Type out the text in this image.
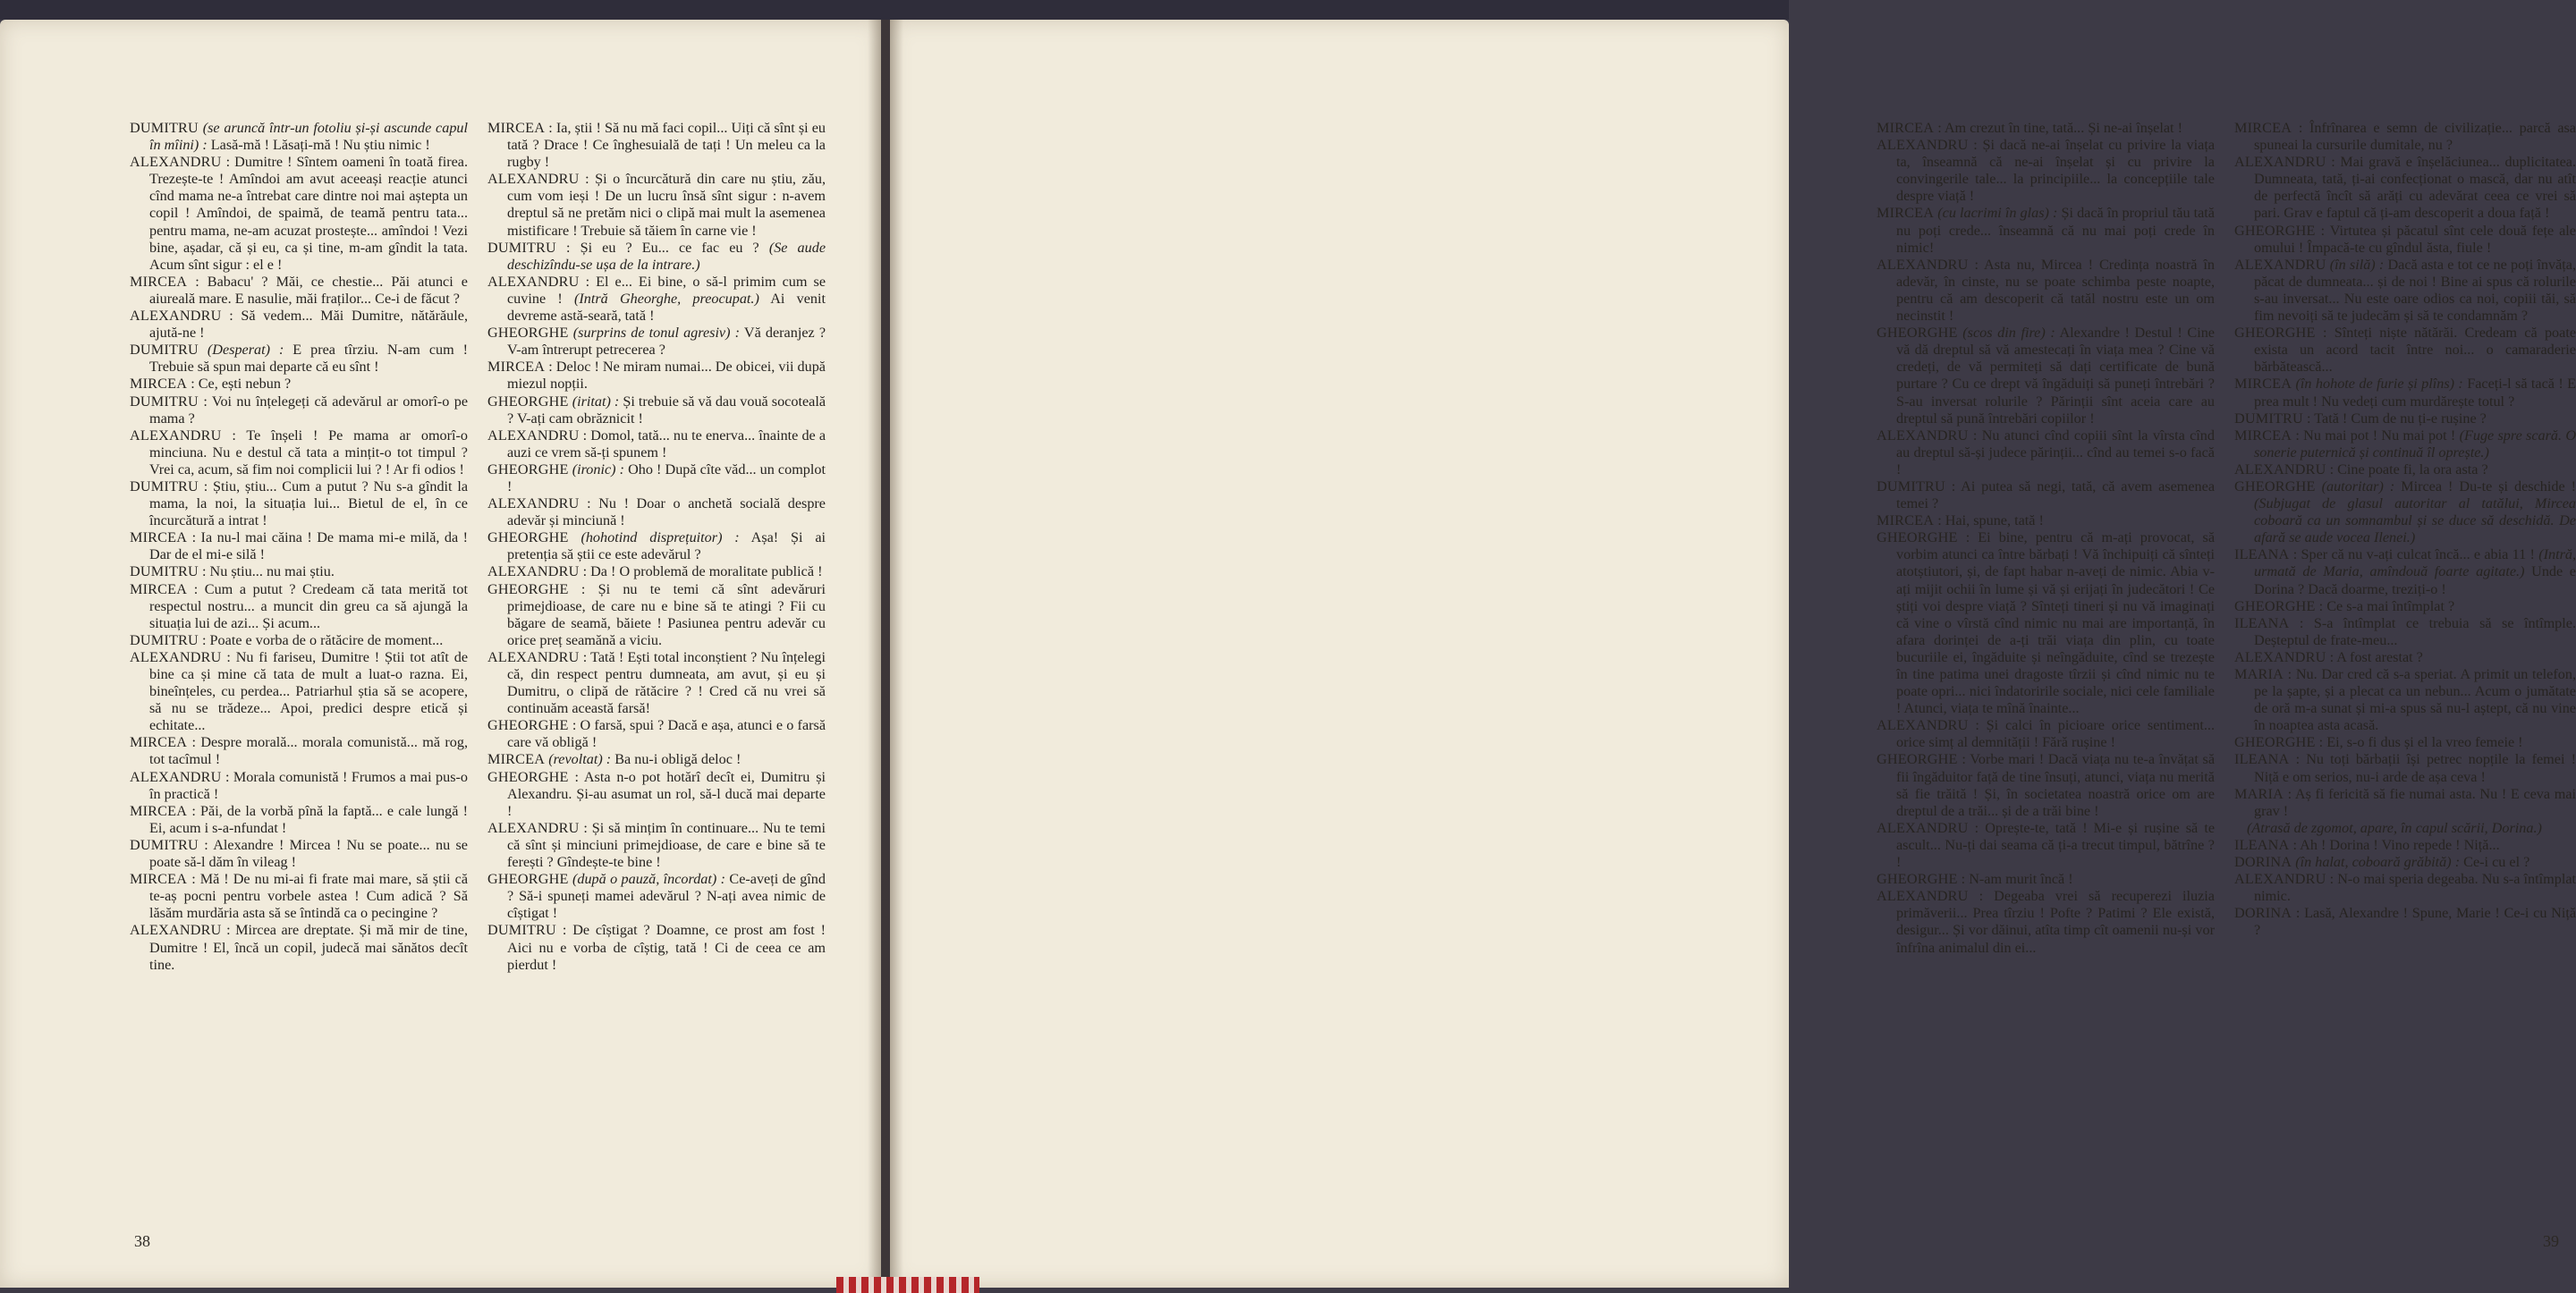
DUMITRU (se aruncă într-un fotoliu și-și ascunde capul în mîini) : Lasă-mă ! Lăsați-mă ! Nu știu nimic !

ALEXANDRU : Dumitre ! Sîntem oameni în toată firea. Trezește-te ! Amîndoi am avut aceeași reacție atunci cînd mama ne-a întrebat care dintre noi mai aștepta un copil ! Amîndoi, de spaimă, de teamă pentru tata... pentru mama, ne-am acuzat prostește... amîndoi ! Vezi bine, așadar, că și eu, ca și tine, m-am gîndit la tata. Acum sînt sigur : el e !

MIRCEA : Babacu' ? Măi, ce chestie... Păi atunci e aiureală mare. E nasulie, măi fraților... Ce-i de făcut ?

ALEXANDRU : Să vedem... Măi Dumitre, nătărăule, ajută-ne !

DUMITRU (Desperat) : E prea tîrziu. N-am cum ! Trebuie să spun mai departe că eu sînt !

MIRCEA : Ce, ești nebun ?

DUMITRU : Voi nu înțelegeți că adevărul ar omorî-o pe mama ?

ALEXANDRU : Te înșeli ! Pe mama ar omorî-o minciuna. Nu e destul că tata a mințit-o tot timpul ? Vrei ca, acum, să fim noi complicii lui ? ! Ar fi odios !

DUMITRU : Știu, știu... Cum a putut ? Nu s-a gîndit la mama, la noi, la situația lui... Bietul de el, în ce încurcătură a intrat !

MIRCEA : Ia nu-l mai căina ! De mama mi-e milă, da ! Dar de el mi-e silă !

DUMITRU : Nu știu... nu mai știu.

MIRCEA : Cum a putut ? Credeam că tata merită tot respectul nostru... a muncit din greu ca să ajungă la situația lui de azi... Și acum...

DUMITRU : Poate e vorba de o rătăcire de moment...

ALEXANDRU : Nu fi fariseu, Dumitre ! Știi tot atît de bine ca și mine că tata de mult a luat-o razna. Ei, bineînțeles, cu perdea... Patriarhul știa să se acopere, să nu se trădeze... Apoi, predici despre etică și echitate...

MIRCEA : Despre morală... morala comunistă... mă rog, tot tacîmul !

ALEXANDRU : Morala comunistă ! Frumos a mai pus-o în practică !

MIRCEA : Păi, de la vorbă pînă la faptă... e cale lungă ! Ei, acum i s-a-nfundat !

DUMITRU : Alexandre ! Mircea ! Nu se poate... nu se poate să-l dăm în vileag !

MIRCEA : Mă ! De nu mi-ai fi frate mai mare, să știi că te-aș pocni pentru vorbele astea ! Cum adică ? Să lăsăm murdăria asta să se întindă ca o pecingine ?

ALEXANDRU : Mircea are dreptate. Și mă mir de tine, Dumitre ! El, încă un copil, judecă mai sănătos decît tine.

MIRCEA : Ia, știi ! Să nu mă faci copil... Uiți că sînt și eu tată ? Drace ! Ce înghesuială de tați ! Un meleu ca la rugby !

ALEXANDRU : Și o încurcătură din care nu știu, zău, cum vom ieși ! De un lucru însă sînt sigur : n-avem dreptul să ne pretăm nici o clipă mai mult la asemenea mistificare ! Trebuie să tăiem în carne vie !

DUMITRU : Și eu ? Eu... ce fac eu ? (Se aude deschizîndu-se ușa de la intrare.)

ALEXANDRU : El e... Ei bine, o să-l primim cum se cuvine ! (Intră Gheorghe, preocupat.) Ai venit devreme astă-seară, tată !

GHEORGHE (surprins de tonul agresiv) : Vă deranjez ? V-am întrerupt petrecerea ?

MIRCEA : Deloc ! Ne miram numai... De obicei, vii după miezul nopții.

GHEORGHE (iritat) : Și trebuie să vă dau vouă socoteală ? V-ați cam obrăznicit !

ALEXANDRU : Domol, tată... nu te enerva... înainte de a auzi ce vrem să-ți spunem !

GHEORGHE (ironic) : Oho ! După cîte văd... un complot !

ALEXANDRU : Nu ! Doar o anchetă socială despre adevăr și minciună !

GHEORGHE (hohotind disprețuitor) : Așa! Și ai pretenția să știi ce este adevărul ?

ALEXANDRU : Da ! O problemă de moralitate publică !

GHEORGHE : Și nu te temi că sînt adevăruri primejdioase, de care nu e bine să te atingi ? Fii cu băgare de seamă, băiete ! Pasiunea pentru adevăr cu orice preț seamănă a viciu.

ALEXANDRU : Tată ! Ești total inconștient ? Nu înțelegi că, din respect pentru dumneata, am avut, și eu și Dumitru, o clipă de rătăcire ? ! Cred că nu vrei să continuăm această farsă!

GHEORGHE : O farsă, spui ? Dacă e așa, atunci e o farsă care vă obligă !

MIRCEA (revoltat) : Ba nu-i obligă deloc !

GHEORGHE : Asta n-o pot hotărî decît ei, Dumitru și Alexandru. Și-au asumat un rol, să-l ducă mai departe !

ALEXANDRU : Și să mințim în continuare... Nu te temi că sînt și minciuni primejdioase, de care e bine să te ferești ? Gîndește-te bine !

GHEORGHE (după o pauză, încordat) : Ce-aveți de gînd ? Să-i spuneți mamei adevărul ? N-ați avea nimic de cîștigat !

DUMITRU : De cîștigat ? Doamne, ce prost am fost ! Aici nu e vorba de cîștig, tată ! Ci de ceea ce am pierdut !

38

MIRCEA : Am crezut în tine, tată... Și ne-ai înșelat !

ALEXANDRU : Și dacă ne-ai înșelat cu privire la viața ta, înseamnă că ne-ai înșelat și cu privire la convingerile tale... la principiile... la concepțiile tale despre viață !

MIRCEA (cu lacrimi în glas) : Și dacă în propriul tău tată nu poți crede... înseamnă că nu mai poți crede în nimic!

ALEXANDRU : Asta nu, Mircea ! Credința noastră în adevăr, în cinste, nu se poate schimba peste noapte, pentru că am descoperit că tatăl nostru este un om necinstit !

GHEORGHE (scos din fire) : Alexandre ! Destul ! Cine vă dă dreptul să vă amestecați în viața mea ? Cine vă credeți, de vă permiteți să dați certificate de bună purtare ? Cu ce drept vă îngăduiți să puneți întrebări ? S-au inversat rolurile ? Părinții sînt aceia care au dreptul să pună întrebări copiilor !

ALEXANDRU : Nu atunci cînd copiii sînt la vîrsta cînd au dreptul să-și judece părinții... cînd au temei s-o facă !

DUMITRU : Ai putea să negi, tată, că avem asemenea temei ?

MIRCEA : Hai, spune, tată !

GHEORGHE : Ei bine, pentru că m-ați provocat, să vorbim atunci ca între bărbați ! Vă închipuiți că sînteți atotștiutori, și, de fapt habar n-aveți de nimic. Abia v-ați mijit ochii în lume și vă și erijați în judecători ! Ce știți voi despre viață ? Sînteți tineri și nu vă imaginați că vine o vîrstă cînd nimic nu mai are importanță, în afara dorinței de a-ți trăi viața din plin, cu toate bucuriile ei, îngăduite și neîngăduite, cînd se trezește în tine patima unei dragoste tîrzii și cînd nimic nu te poate opri... nici îndatoririle sociale, nici cele familiale ! Atunci, viața te mînă înainte...

ALEXANDRU : Și calci în picioare orice sentiment... orice simț al demnității ! Fără rușine !

GHEORGHE : Vorbe mari ! Dacă viața nu te-a învățat să fii îngăduitor față de tine însuți, atunci, viața nu merită să fie trăită ! Și, în societatea noastră orice om are dreptul de a trăi... și de a trăi bine !

ALEXANDRU : Oprește-te, tată ! Mi-e și rușine să te ascult... Nu-ți dai seama că ți-a trecut timpul, bătrîne ? !

GHEORGHE : N-am murit încă !

ALEXANDRU : Degeaba vrei să recuperezi iluzia primăverii... Prea tîrziu ! Pofte ? Patimi ? Ele există, desigur... Și vor dăinui, atîta timp cît oamenii nu-și vor înfrîna animalul din ei...

MIRCEA : Înfrînarea e semn de civilizație... parcă asa spuneai la cursurile dumitale, nu ?

ALEXANDRU : Mai gravă e înșelăciunea... duplicitatea. Dumneata, tată, ți-ai confecționat o mască, dar nu atît de perfectă încît să arăți cu adevărat ceea ce vrei să pari. Grav e faptul că ți-am descoperit a doua față !

GHEORGHE : Virtutea și păcatul sînt cele două fețe ale omului ! Împacă-te cu gîndul ăsta, fiule !

ALEXANDRU (în silă) : Dacă asta e tot ce ne poți învăța, păcat de dumneata... și de noi ! Bine ai spus că rolurile s-au inversat... Nu este oare odios ca noi, copiii tăi, să fim nevoiți să te judecăm și să te condamnăm ?

GHEORGHE : Sînteți niște nătărăi. Credeam că poate exista un acord tacit între noi... o camaraderie bărbătească...

MIRCEA (în hohote de furie și plîns) : Faceți-l să tacă ! E prea mult ! Nu vedeți cum murdărește totul ?

DUMITRU : Tată ! Cum de nu ți-e rușine ?

MIRCEA : Nu mai pot ! Nu mai pot ! (Fuge spre scară. O sonerie puternică și continuă îl oprește.)

ALEXANDRU : Cine poate fi, la ora asta ?

GHEORGHE (autoritar) : Mircea ! Du-te și deschide ! (Subjugat de glasul autoritar al tatălui, Mircea coboară ca un somnambul și se duce să deschidă. De afară se aude vocea Ilenei.)

ILEANA : Sper că nu v-ați culcat încă... e abia 11 ! (Intră, urmată de Maria, amîndouă foarte agitate.) Unde e Dorina ? Dacă doarme, treziți-o !

GHEORGHE : Ce s-a mai întîmplat ?

ILEANA : S-a întîmplat ce trebuia să se întîmple. Deșteptul de frate-meu...

ALEXANDRU : A fost arestat ?

MARIA : Nu. Dar cred că s-a speriat. A primit un telefon, pe la șapte, și a plecat ca un nebun... Acum o jumătate de oră m-a sunat și mi-a spus să nu-l aștept, că nu vine în noaptea asta acasă.

GHEORGHE : Ei, s-o fi dus și el la vreo femeie !

ILEANA : Nu toți bărbații își petrec nopțile la femei ! Niță e om serios, nu-i arde de așa ceva !

MARIA : Aș fi fericită să fie numai asta. Nu ! E ceva mai grav !

(Atrasă de zgomot, apare, în capul scării, Dorina.)

ILEANA : Ah ! Dorina ! Vino repede ! Niță...

DORINA (în halat, coboară grăbită) : Ce-i cu el ?

ALEXANDRU : N-o mai speria degeaba. Nu s-a întîmplat nimic.

DORINA : Lasă, Alexandre ! Spune, Marie ! Ce-i cu Niță ?

39
